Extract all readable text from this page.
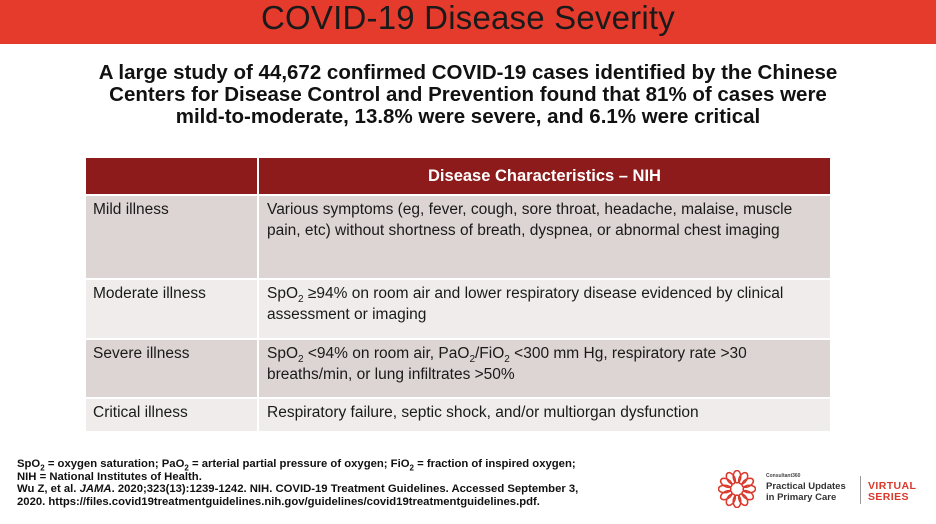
COVID-19 Disease Severity
A large study of 44,672 confirmed COVID-19 cases identified by the Chinese
Centers for Disease Control and Prevention found that 81% of cases were
mild-to-moderate, 13.8% were severe, and 6.1% were critical
	Disease Characteristics – NIH
Mild illness	Various symptoms (eg, fever, cough, sore throat, headache, malaise, muscle pain, etc) without shortness of breath, dyspnea, or abnormal chest imaging
Moderate illness	SpO$_2$ ≥94% on room air and lower respiratory disease evidenced by clinical assessment or imaging
Severe illness	SpO$_2$ <94% on room air, PaO$_2$/FiO$_2$ <300 mm Hg, respiratory rate >30 breaths/min, or lung infiltrates >50%
Critical illness	Respiratory failure, septic shock, and/or multiorgan dysfunction
SpO$_2$ = oxygen saturation; PaO$_2$ = arterial partial pressure of oxygen; FiO$_2$ = fraction of inspired oxygen;
NIH = National Institutes of Health.
Wu Z, et al. JAMA. 2020;323(13):1239-1242. NIH. COVID-19 Treatment Guidelines. Accessed September 3,
2020. https://files.covid19treatmentguidelines.nih.gov/guidelines/covid19treatmentguidelines.pdf.
Consultant360
Practical Updates
in Primary Care
VIRTUAL
SERIES
